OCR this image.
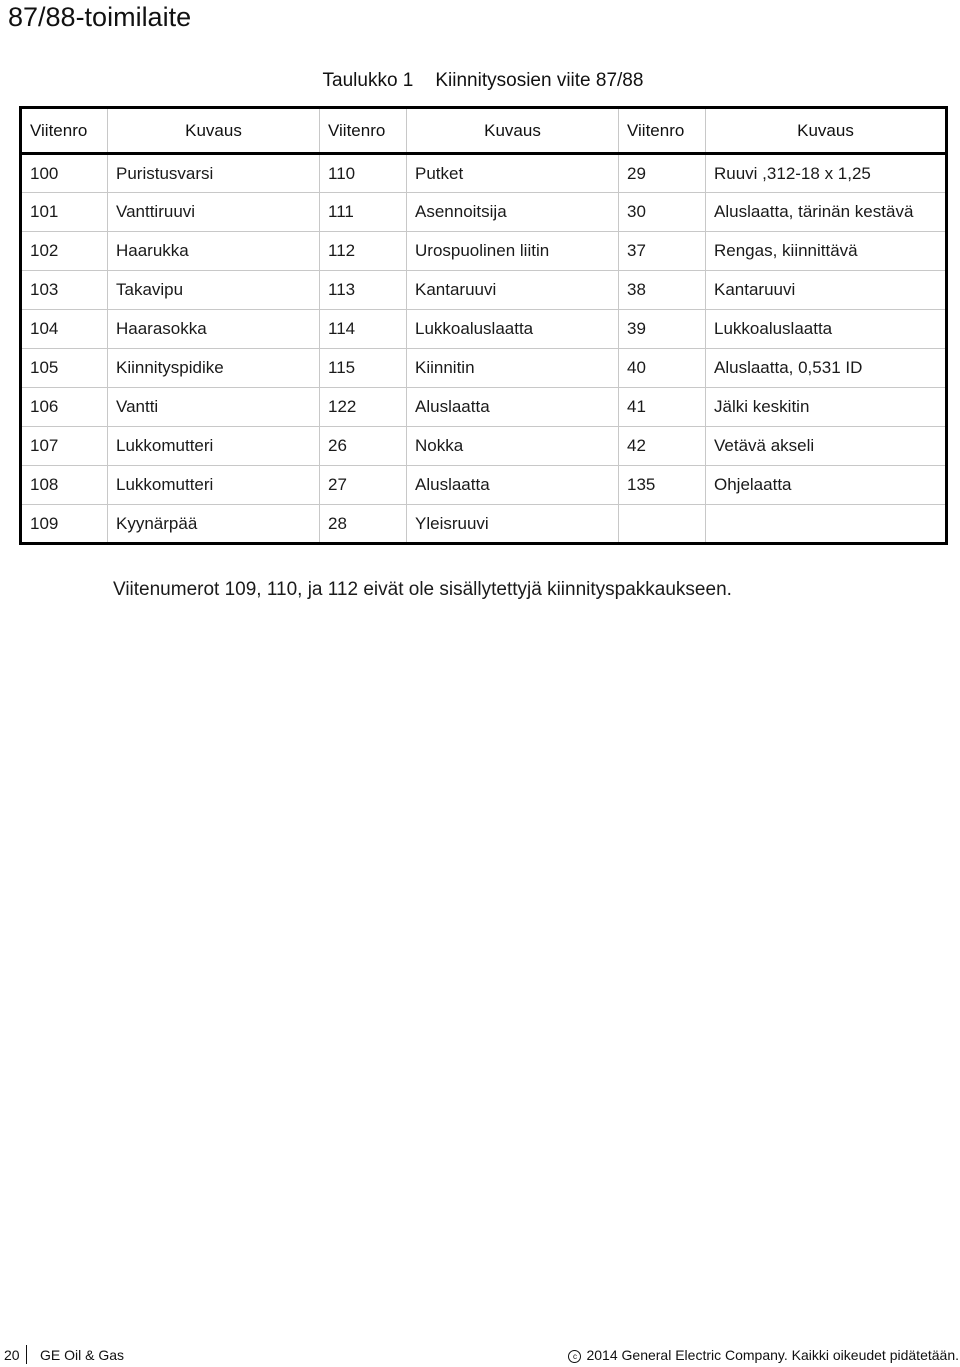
87/88-toimilaite
Taulukko 1 Kiinnitysosien viite 87/88
Viitenro	Kuvaus	Viitenro	Kuvaus	Viitenro	Kuvaus
100	Puristusvarsi	110	Putket	29	Ruuvi ,312-18 x 1,25
101	Vanttiruuvi	111	Asennoitsija	30	Aluslaatta, tärinän kestävä
102	Haarukka	112	Urospuolinen liitin	37	Rengas, kiinnittävä
103	Takavipu	113	Kantaruuvi	38	Kantaruuvi
104	Haarasokka	114	Lukkoaluslaatta	39	Lukkoaluslaatta
105	Kiinnityspidike	115	Kiinnitin	40	Aluslaatta, 0,531 ID
106	Vantti	122	Aluslaatta	41	Jälki keskitin
107	Lukkomutteri	26	Nokka	42	Vetävä akseli
108	Lukkomutteri	27	Aluslaatta	135	Ohjelaatta
109	Kyynärpää	28	Yleisruuvi		
Viitenumerot 109, 110, ja 112 eivät ole sisällytettyjä kiinnityspakkaukseen.
20 GE Oil & Gas	c 2014 General Electric Company. Kaikki oikeudet pidätetään.
